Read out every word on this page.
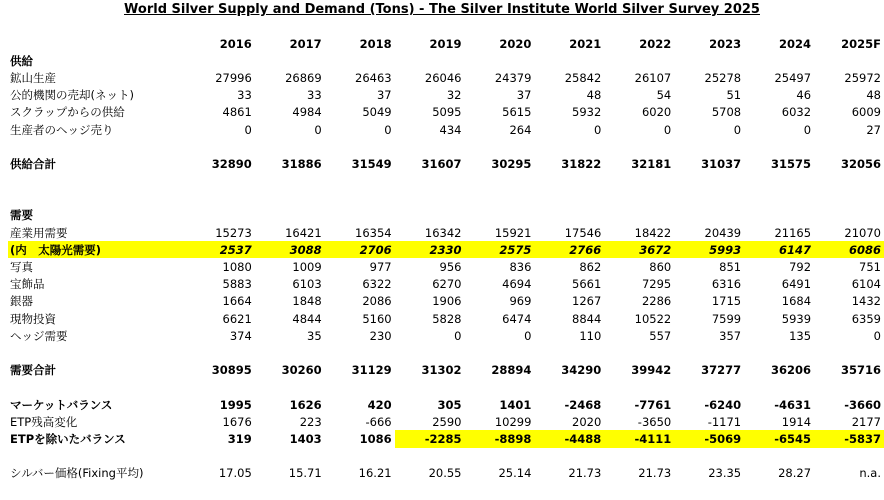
World Silver Supply and Demand (Tons) - The Silver Institute World Silver Survey 2025
	2016	2017	2018	2019	2020	2021	2022	2023	2024	2025F
供給										
鉱山生産	27996	26869	26463	26046	24379	25842	26107	25278	25497	25972
公的機関の売却(ネット)	33	33	37	32	37	48	54	51	46	48
スクラップからの供給	4861	4984	5049	5095	5615	5932	6020	5708	6032	6009
生産者のヘッジ売り	0	0	0	434	264	0	0	0	0	27

供給合計	32890	31886	31549	31607	30295	31822	32181	31037	31575	32056

需要										
産業用需要	15273	16421	16354	16342	15921	17546	18422	20439	21165	21070
(内　太陽光需要)	2537	3088	2706	2330	2575	2766	3672	5993	6147	6086
写真	1080	1009	977	956	836	862	860	851	792	751
宝飾品	5883	6103	6322	6270	4694	5661	7295	6316	6491	6104
銀器	1664	1848	2086	1906	969	1267	2286	1715	1684	1432
現物投資	6621	4844	5160	5828	6474	8844	10522	7599	5939	6359
ヘッジ需要	374	35	230	0	0	110	557	357	135	0

需要合計	30895	30260	31129	31302	28894	34290	39942	37277	36206	35716

マーケットバランス	1995	1626	420	305	1401	-2468	-7761	-6240	-4631	-3660
ETP残高変化	1676	223	-666	2590	10299	2020	-3650	-1171	1914	2177
ETPを除いたバランス	319	1403	1086	-2285	-8898	-4488	-4111	-5069	-6545	-5837

シルバー価格(Fixing平均)	17.05	15.71	16.21	20.55	25.14	21.73	21.73	23.35	28.27	n.a.
